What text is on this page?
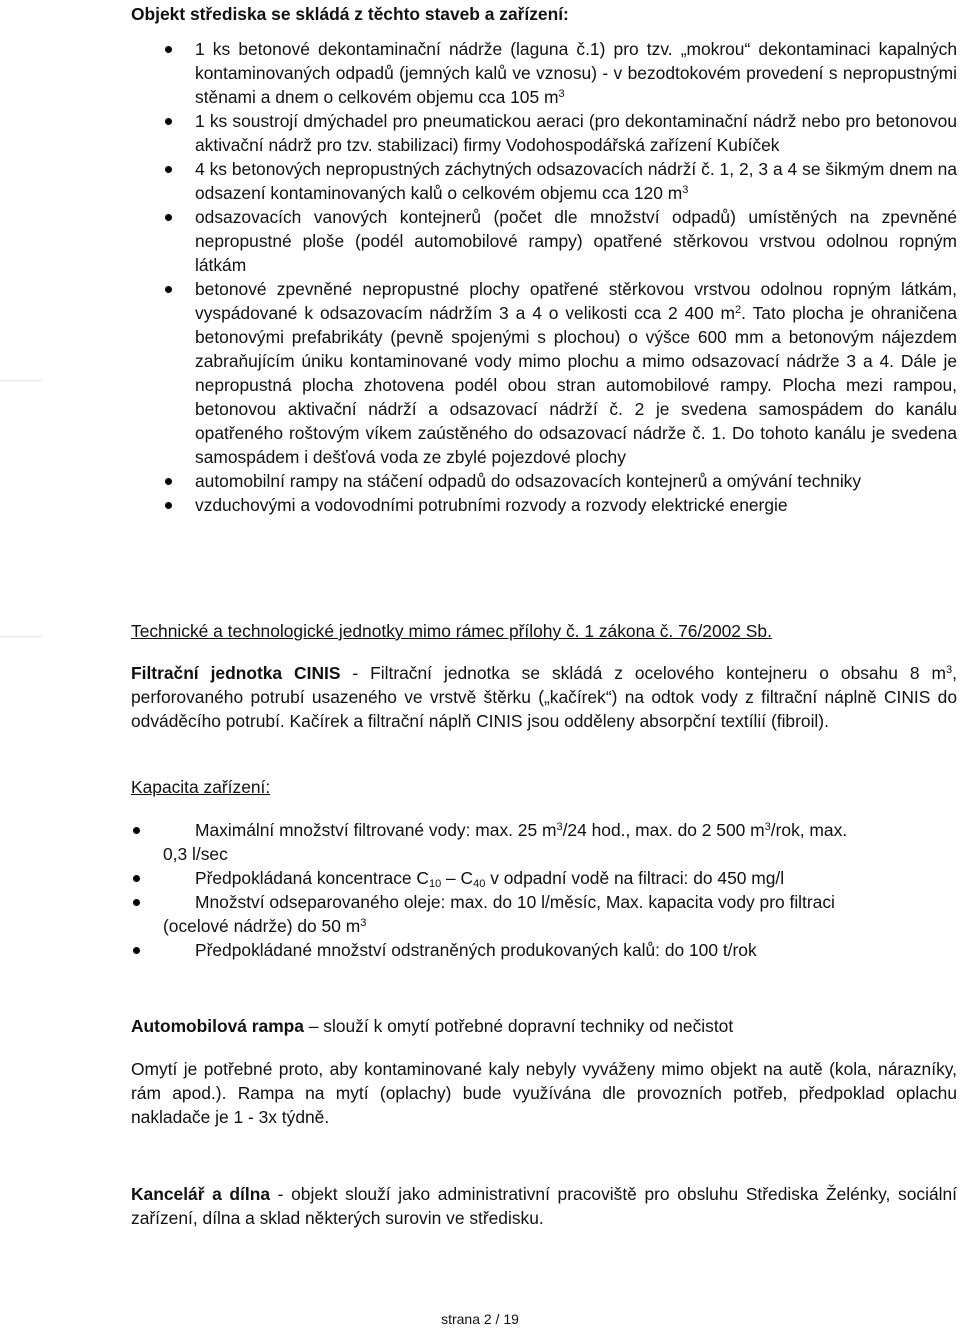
Objekt střediska se skládá z těchto staveb a zařízení:
1 ks betonové dekontaminační nádrže (laguna č.1) pro tzv. „mokrou“ dekontaminaci kapalných kontaminovaných odpadů (jemných kalů ve vznosu) - v bezodtokovém provedení s nepropustnými stěnami a dnem o celkovém objemu cca 105 $m^3$
1 ks soustrojí dmýchadel pro pneumatickou aeraci (pro dekontaminační nádrž nebo pro betonovou aktivační nádrž pro tzv. stabilizaci) firmy Vodohospodářská zařízení Kubíček
4 ks betonových nepropustných záchytných odsazovacích nádrží č. 1, 2, 3 a 4 se šikmým dnem na odsazení kontaminovaných kalů o celkovém objemu cca 120 $m^3$
odsazovacích vanových kontejnerů (počet dle množství odpadů) umístěných na zpevněné nepropustné ploše (podél automobilové rampy) opatřené stěrkovou vrstvou odolnou ropným látkám
betonové zpevněné nepropustné plochy opatřené stěrkovou vrstvou odolnou ropným látkám, vyspádované k odsazovacím nádržím 3 a 4 o velikosti cca 2 400 $m^2$. Tato plocha je ohraničena betonovými prefabrikáty (pevně spojenými s plochou) o výšce 600 mm a betonovým nájezdem zabraňujícím úniku kontaminované vody mimo plochu a mimo odsazovací nádrže 3 a 4. Dále je nepropustná plocha zhotovena podél obou stran automobilové rampy. Plocha mezi rampou, betonovou aktivační nádrží a odsazovací nádrží č. 2 je svedena samospádem do kanálu opatřeného roštovým víkem zaústěného do odsazovací nádrže č. 1. Do tohoto kanálu je svedena samospádem i dešťová voda ze zbylé pojezdové plochy
automobilní rampy na stáčení odpadů do odsazovacích kontejnerů a omývání techniky
vzduchovými a vodovodními potrubními rozvody a rozvody elektrické energie
Technické a technologické jednotky mimo rámec přílohy č. 1 zákona č. 76/2002 Sb.
Filtrační jednotka CINIS - Filtrační jednotka se skládá z ocelového kontejneru o obsahu 8 $m^3$, perforovaného potrubí usazeného ve vrstvě štěrku („kačírek“) na odtok vody z filtrační náplně CINIS do odváděcího potrubí. Kačírek a filtrační náplň CINIS jsou odděleny absorpční textílií (fibroil).
Kapacita zařízení:
Maximální množství filtrované vody: max. 25 $m^3/24$ hod., max. do 2 500 $m^3$/rok, max.
0,3 l/sec
Předpokládaná koncentrace $C_{10} - C_{40}$ v odpadní vodě na filtraci: do 450 mg/l
Množství odseparovaného oleje: max. do 10 l/měsíc, Max. kapacita vody pro filtraci
(ocelové nádrže) do 50 $m^3$
Předpokládané množství odstraněných produkovaných kalů: do 100 t/rok
Automobilová rampa – slouží k omytí potřebné dopravní techniky od nečistot
Omytí je potřebné proto, aby kontaminované kaly nebyly vyváženy mimo objekt na autě (kola, nárazníky, rám apod.). Rampa na mytí (oplachy) bude využívána dle provozních potřeb, předpoklad oplachu nakladače je 1 - 3x týdně.
Kancelář a dílna - objekt slouží jako administrativní pracoviště pro obsluhu Střediska Želénky, sociální zařízení, dílna a sklad některých surovin ve středisku.
strana 2 / 19
